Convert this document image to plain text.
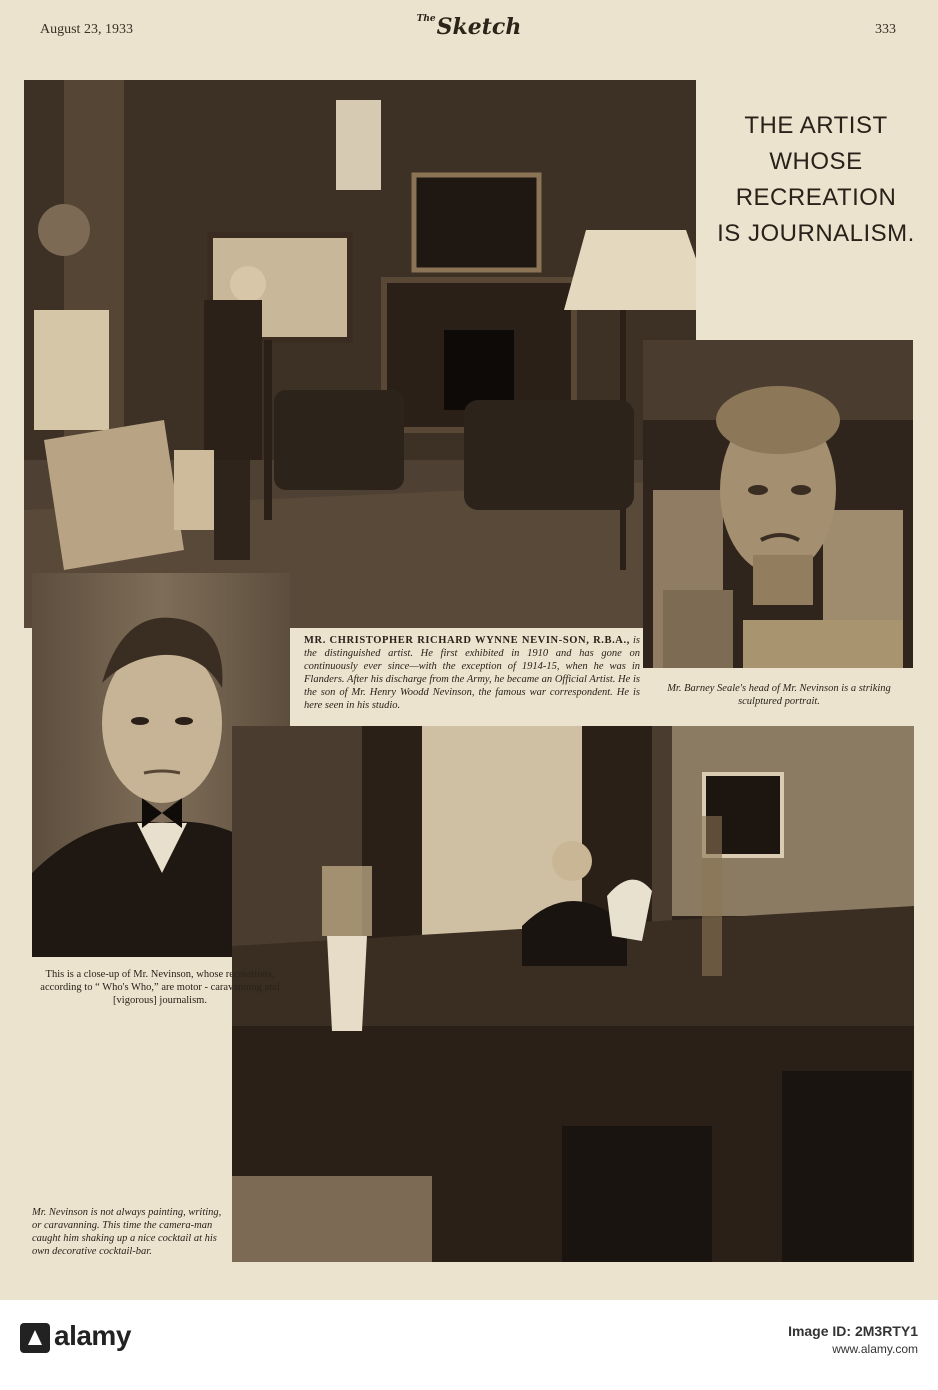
August 23, 1933
$^{The}$Sketch	333
THE ARTIST
WHOSE
RECREATION
IS JOURNALISM.
MR. CHRISTOPHER RICHARD WYNNE NEVIN-SON, R.B.A., is the distinguished artist. He first exhibited in 1910 and has gone on continuously ever since—with the exception of 1914-15, when he was in Flanders. After his discharge from the Army, he became an Official Artist. He is the son of Mr. Henry Woodd Nevinson, the famous war correspondent. He is here seen in his studio.
Mr. Barney Seale's head of Mr. Nevinson is a striking sculptured portrait.
This is a close-up of Mr. Nevinson, whose recreations, according to “ Who's Who,” are motor - caravanning and [vigorous] journalism.
Mr. Nevinson is not always painting, writing, or caravanning. This time the camera-man caught him shaking up a nice cocktail at his own decorative cocktail-bar.
alamy	Image ID: 2M3RTY1
www.alamy.com
